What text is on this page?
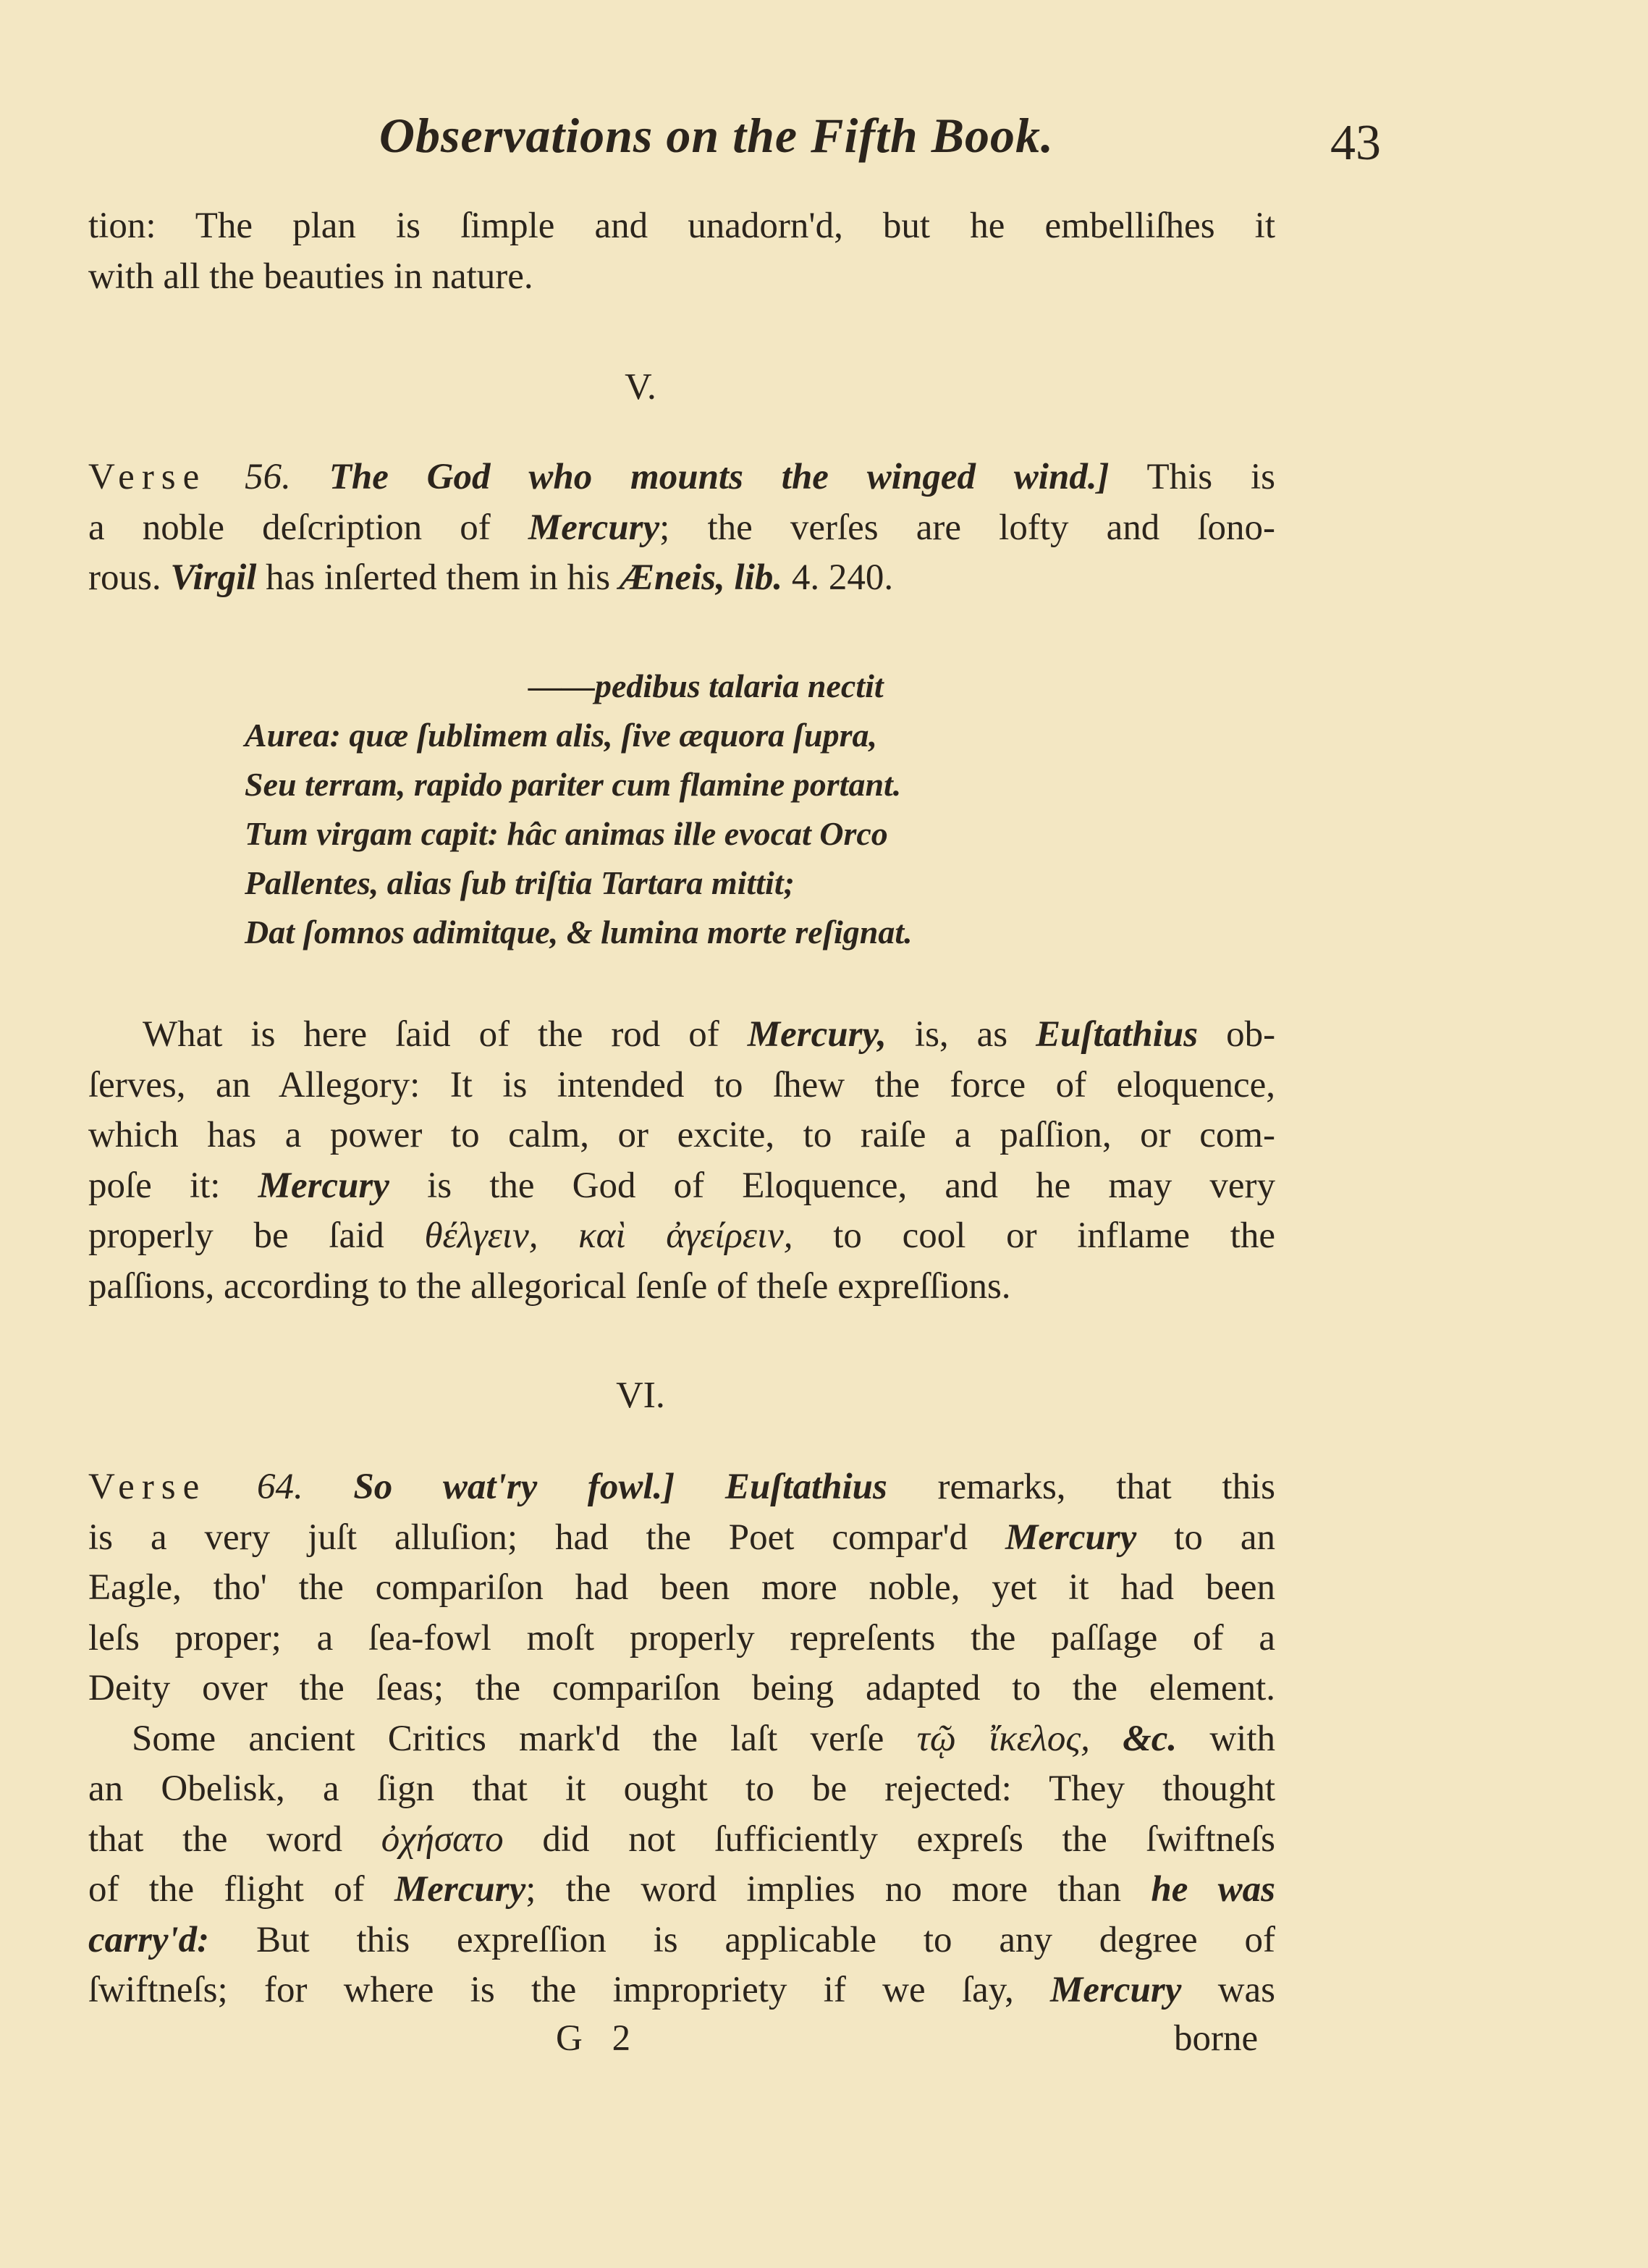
Observations on the Fifth Book.	43
tion: The plan is ſimple and unadorn'd, but he embelliſhes it
with all the beauties in nature.
V.
Verse 56. The God who mounts the winged wind.] This is
a noble deſcription of Mercury; the verſes are lofty and ſono-
rous. Virgil has inſerted them in his Æneis, lib. 4. 240.
——pedibus talaria nectit
Aurea: quæ ſublimem alis, ſive æquora ſupra,
Seu terram, rapido pariter cum flamine portant.
Tum virgam capit: hâc animas ille evocat Orco
Pallentes, alias ſub triſtia Tartara mittit;
Dat ſomnos adimitque, & lumina morte reſignat.
What is here ſaid of the rod of Mercury, is, as Euſtathius ob-
ſerves, an Allegory: It is intended to ſhew the force of eloquence,
which has a power to calm, or excite, to raiſe a paſſion, or com-
poſe it: Mercury is the God of Eloquence, and he may very
properly be ſaid θέλγειν, καὶ ἀγείρειν, to cool or inflame the
paſſions, according to the allegorical ſenſe of theſe expreſſions.
VI.
Verse 64. So wat'ry fowl.] Euſtathius remarks, that this
is a very juſt alluſion; had the Poet compar'd Mercury to an
Eagle, tho' the compariſon had been more noble, yet it had been
leſs proper; a ſea-fowl moſt properly repreſents the paſſage of a
Deity over the ſeas; the compariſon being adapted to the element.
Some ancient Critics mark'd the laſt verſe τῷ ἴκελος, &c. with
an Obelisk, a ſign that it ought to be rejected: They thought
that the word ὀχήσατο did not ſufficiently expreſs the ſwiftneſs
of the flight of Mercury; the word implies no more than he was
carry'd: But this expreſſion is applicable to any degree of
ſwiftneſs; for where is the impropriety if we ſay, Mercury was
G 2	borne
